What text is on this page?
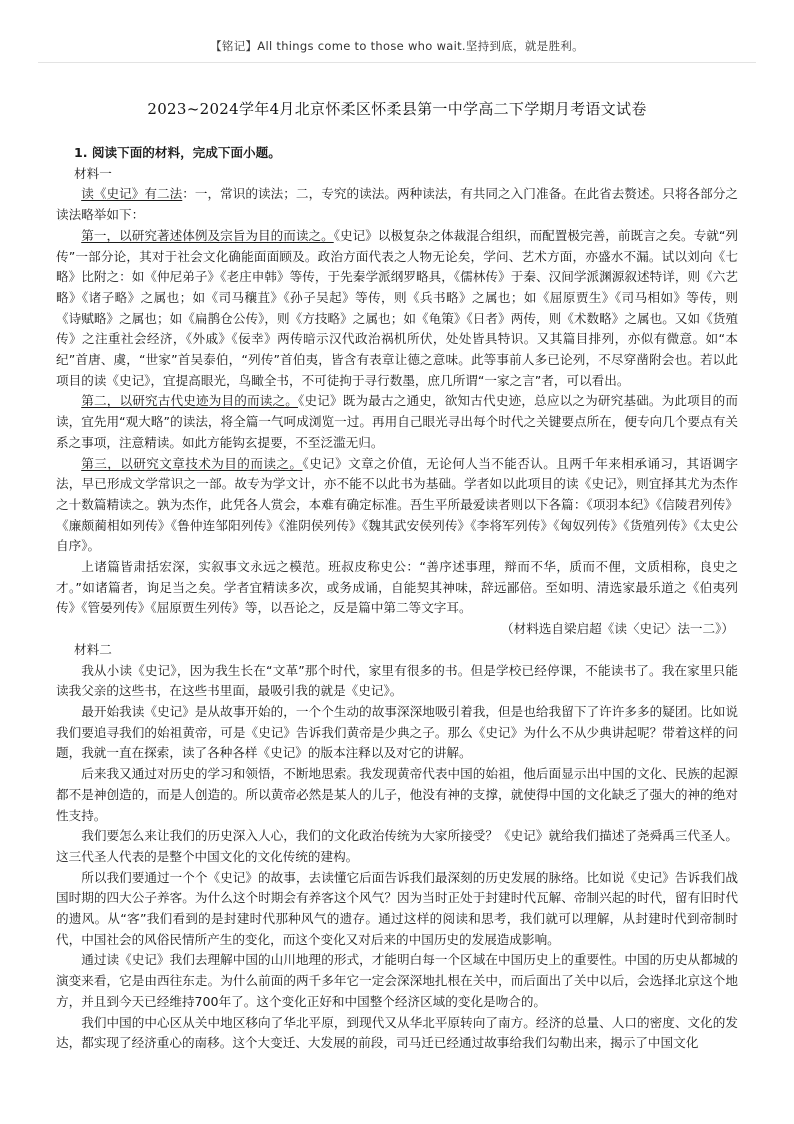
【铭记】All things come to those who wait.坚持到底，就是胜利。
2023~2024学年4月北京怀柔区怀柔县第一中学高二下学期月考语文试卷

1. 阅读下面的材料，完成下面小题。

材料一

读《史记》有二法：一，常识的读法；二，专究的读法。两种读法，有共同之入门准备。在此省去赘述。只将各部分之读法略举如下：

第一，以研究著述体例及宗旨为目的而读之。《史记》以极复杂之体裁混合组织，而配置极完善，前既言之矣。专就“列传”一部分论，其对于社会文化确能面面顾及。政治方面代表之人物无论矣，学问、艺术方面，亦盛水不漏。试以刘向《七略》比附之：如《仲尼弟子》《老庄申韩》等传，于先秦学派纲罗略具，《儒林传》于秦、汉间学派渊源叙述特详，则《六艺略》《诸子略》之属也；如《司马穰苴》《孙子吴起》等传，则《兵书略》之属也；如《屈原贾生》《司马相如》等传，则《诗赋略》之属也；如《扁鹊仓公传》，则《方技略》之属也；如《龟策》《日者》两传，则《术数略》之属也。又如《货殖传》之注重社会经济，《外戚》《佞幸》两传暗示汉代政治祸机所伏，处处皆具特识。又其篇目排列，亦似有微意。如“本纪”首唐、虞，“世家”首吴泰伯，“列传”首伯夷，皆含有表章让德之意味。此等事前人多已论列，不尽穿凿附会也。若以此项目的读《史记》，宜提高眼光，鸟瞰全书，不可徒拘于寻行数墨，庶几所谓“一家之言”者，可以看出。

第二，以研究古代史迹为目的而读之。《史记》既为最古之通史，欲知古代史迹，总应以之为研究基础。为此项目的而读，宜先用“观大略”的读法，将全篇一气呵成浏览一过。再用自己眼光寻出每个时代之关键要点所在，便专向几个要点有关系之事项，注意精读。如此方能钩玄提要，不至泛滥无归。

第三，以研究文章技术为目的而读之。《史记》文章之价值，无论何人当不能否认。且两千年来相承诵习，其语调字法，早已形成文学常识之一部。故专为学文计，亦不能不以此书为基础。学者如以此项目的读《史记》，则宜择其尤为杰作之十数篇精读之。孰为杰作，此凭各人赏会，本难有确定标准。吾生平所最爱读者则以下各篇：《项羽本纪》《信陵君列传》《廉颇蔺相如列传》《鲁仲连邹阳列传》《淮阴侯列传》《魏其武安侯列传》《李将军列传》《匈奴列传》《货殖列传》《太史公自序》。

上诸篇皆肃括宏深，实叙事文永远之模范。班叔皮称史公：“善序述事理，辩而不华，质而不俚，文质相称，良史之才。”如诸篇者，询足当之矣。学者宜精读多次，或务成诵，自能契其神味，辞远鄙倍。至如明、清选家最乐道之《伯夷列传》《管晏列传》《屈原贾生列传》等，以吾论之，反是篇中第二等文字耳。

（材料选自梁启超《读〈史记〉法一二》）

材料二

我从小读《史记》，因为我生长在“文革”那个时代，家里有很多的书。但是学校已经停课，不能读书了。我在家里只能读我父亲的这些书，在这些书里面，最吸引我的就是《史记》。

最开始我读《史记》是从故事开始的，一个个生动的故事深深地吸引着我，但是也给我留下了许许多多的疑团。比如说我们要追寻我们的始祖黄帝，可是《史记》告诉我们黄帝是少典之子。那么《史记》为什么不从少典讲起呢？带着这样的问题，我就一直在探索，读了各种各样《史记》的版本注释以及对它的讲解。

后来我又通过对历史的学习和领悟，不断地思索。我发现黄帝代表中国的始祖，他后面显示出中国的文化、民族的起源都不是神创造的，而是人创造的。所以黄帝必然是某人的儿子，他没有神的支撑，就使得中国的文化缺乏了强大的神的绝对性支持。

我们要怎么来让我们的历史深入人心，我们的文化政治传统为大家所接受？《史记》就给我们描述了尧舜禹三代圣人。这三代圣人代表的是整个中国文化的文化传统的建构。

所以我们要通过一个个《史记》的故事，去读懂它后面告诉我们最深刻的历史发展的脉络。比如说《史记》告诉我们战国时期的四大公子养客。为什么这个时期会有养客这个风气？因为当时正处于封建时代瓦解、帝制兴起的时代，留有旧时代的遗风。从“客”我们看到的是封建时代那种风气的遗存。通过这样的阅读和思考，我们就可以理解，从封建时代到帝制时代，中国社会的风俗民情所产生的变化，而这个变化又对后来的中国历史的发展造成影响。

通过读《史记》我们去理解中国的山川地理的形式，才能明白每一个区域在中国历史上的重要性。中国的历史从都城的演变来看，它是由西往东走。为什么前面的两千多年它一定会深深地扎根在关中，而后面出了关中以后，会选择北京这个地方，并且到今天已经维持700年了。这个变化正好和中国整个经济区域的变化是吻合的。

我们中国的中心区从关中地区移向了华北平原，到现代又从华北平原转向了南方。经济的总量、人口的密度、文化的发达，都实现了经济重心的南移。这个大变迁、大发展的前段，司马迁已经通过故事给我们勾勒出来，揭示了中国文化
